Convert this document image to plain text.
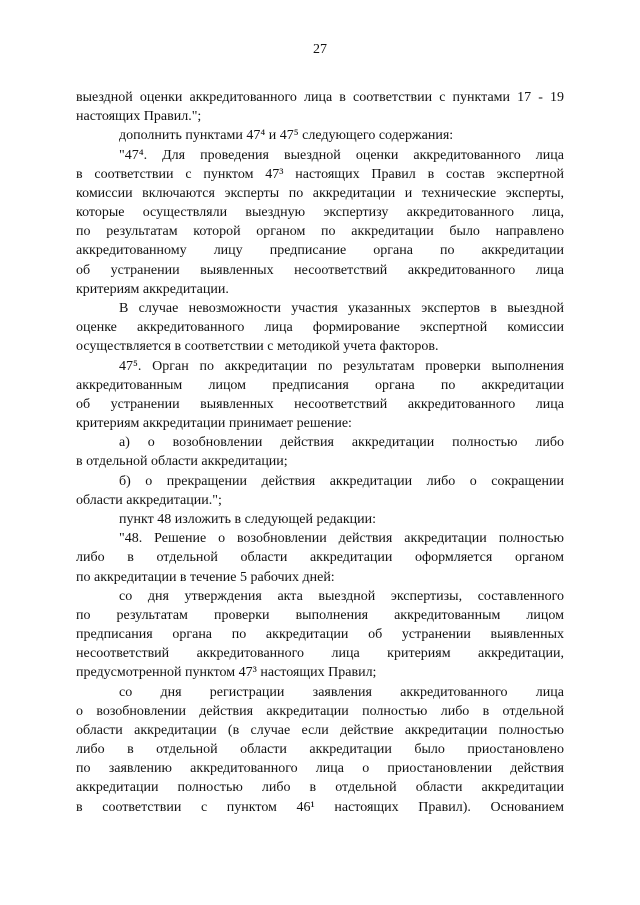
27
выездной оценки аккредитованного лица в соответствии с пунктами 17 - 19
настоящих Правил.";
дополнить пунктами 47⁴ и 47⁵ следующего содержания:
"47⁴. Для проведения выездной оценки аккредитованного лица
в соответствии с пунктом 47³ настоящих Правил в состав экспертной
комиссии включаются эксперты по аккредитации и технические эксперты,
которые осуществляли выездную экспертизу аккредитованного лица,
по результатам которой органом по аккредитации было направлено
аккредитованному лицу предписание органа по аккредитации
об устранении выявленных несоответствий аккредитованного лица
критериям аккредитации.
В случае невозможности участия указанных экспертов в выездной
оценке аккредитованного лица формирование экспертной комиссии
осуществляется в соответствии с методикой учета факторов.
47⁵. Орган по аккредитации по результатам проверки выполнения
аккредитованным лицом предписания органа по аккредитации
об устранении выявленных несоответствий аккредитованного лица
критериям аккредитации принимает решение:
а) о возобновлении действия аккредитации полностью либо
в отдельной области аккредитации;
б) о прекращении действия аккредитации либо о сокращении
области аккредитации.";
пункт 48 изложить в следующей редакции:
"48. Решение о возобновлении действия аккредитации полностью
либо в отдельной области аккредитации оформляется органом
по аккредитации в течение 5 рабочих дней:
со дня утверждения акта выездной экспертизы, составленного
по результатам проверки выполнения аккредитованным лицом
предписания органа по аккредитации об устранении выявленных
несоответствий аккредитованного лица критериям аккредитации,
предусмотренной пунктом 47³ настоящих Правил;
со дня регистрации заявления аккредитованного лица
о возобновлении действия аккредитации полностью либо в отдельной
области аккредитации (в случае если действие аккредитации полностью
либо в отдельной области аккредитации было приостановлено
по заявлению аккредитованного лица о приостановлении действия
аккредитации полностью либо в отдельной области аккредитации
в соответствии с пунктом 46¹ настоящих Правил). Основанием
